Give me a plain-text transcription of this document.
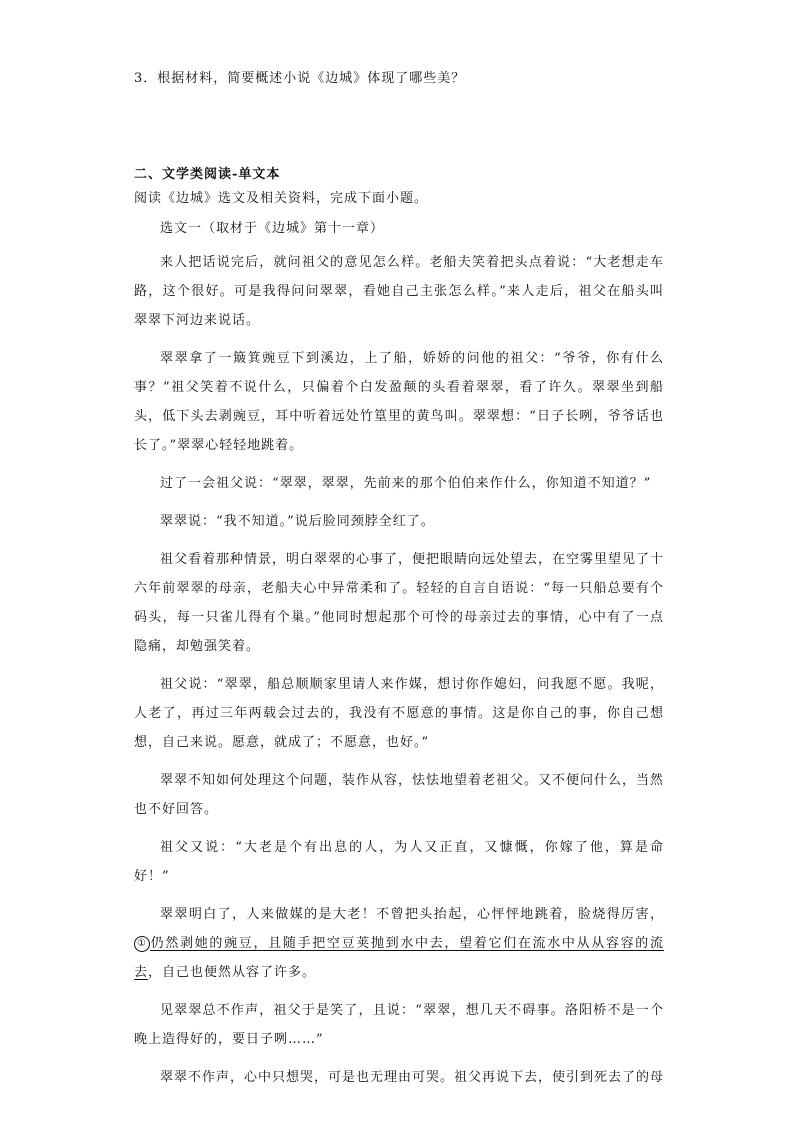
3．根据材料，简要概述小说《边城》体现了哪些美？

二、文学类阅读-单文本

阅读《边城》选文及相关资料，完成下面小题。

选文一（取材于《边城》第十一章）

来人把话说完后，就问祖父的意见怎么样。老船夫笑着把头点着说：“大老想走车路，这个很好。可是我得问问翠翠，看她自己主张怎么样。”来人走后，祖父在船头叫翠翠下河边来说话。

翠翠拿了一簸箕豌豆下到溪边，上了船，娇娇的问他的祖父：“爷爷，你有什么事？”祖父笑着不说什么，只偏着个白发盈颠的头看着翠翠，看了许久。翠翠坐到船头，低下头去剥豌豆，耳中听着远处竹篁里的黄鸟叫。翠翠想：“日子长咧，爷爷话也长了。”翠翠心轻轻地跳着。

过了一会祖父说：“翠翠，翠翠，先前来的那个伯伯来作什么，你知道不知道？”

翠翠说：“我不知道。”说后脸同颈脖全红了。

祖父看着那种情景，明白翠翠的心事了，便把眼睛向远处望去，在空雾里望见了十六年前翠翠的母亲，老船夫心中异常柔和了。轻轻的自言自语说：“每一只船总要有个码头，每一只雀儿得有个巢。”他同时想起那个可怜的母亲过去的事情，心中有了一点隐痛，却勉强笑着。

祖父说：“翠翠，船总顺顺家里请人来作媒，想讨你作媳妇，问我愿不愿。我呢，人老了，再过三年两载会过去的，我没有不愿意的事情。这是你自己的事，你自己想想，自己来说。愿意，就成了；不愿意，也好。”

翠翠不知如何处理这个问题，装作从容，怯怯地望着老祖父。又不便问什么，当然也不好回答。

祖父又说：“大老是个有出息的人，为人又正直，又慷慨，你嫁了他，算是命好！”

翠翠明白了，人来做媒的是大老！不曾把头抬起，心怦怦地跳着，脸烧得厉害，① 仍然剥她的豌豆，且随手把空豆荚抛到水中去，望着它们在流水中从从容容的流去，自己也便然从容了许多。

见翠翠总不作声，祖父于是笑了，且说：“翠翠，想几天不碍事。洛阳桥不是一个晚上造得好的，要日子咧……”

翠翠不作声，心中只想哭，可是也无理由可哭。祖父再说下去，使引到死去了的母
